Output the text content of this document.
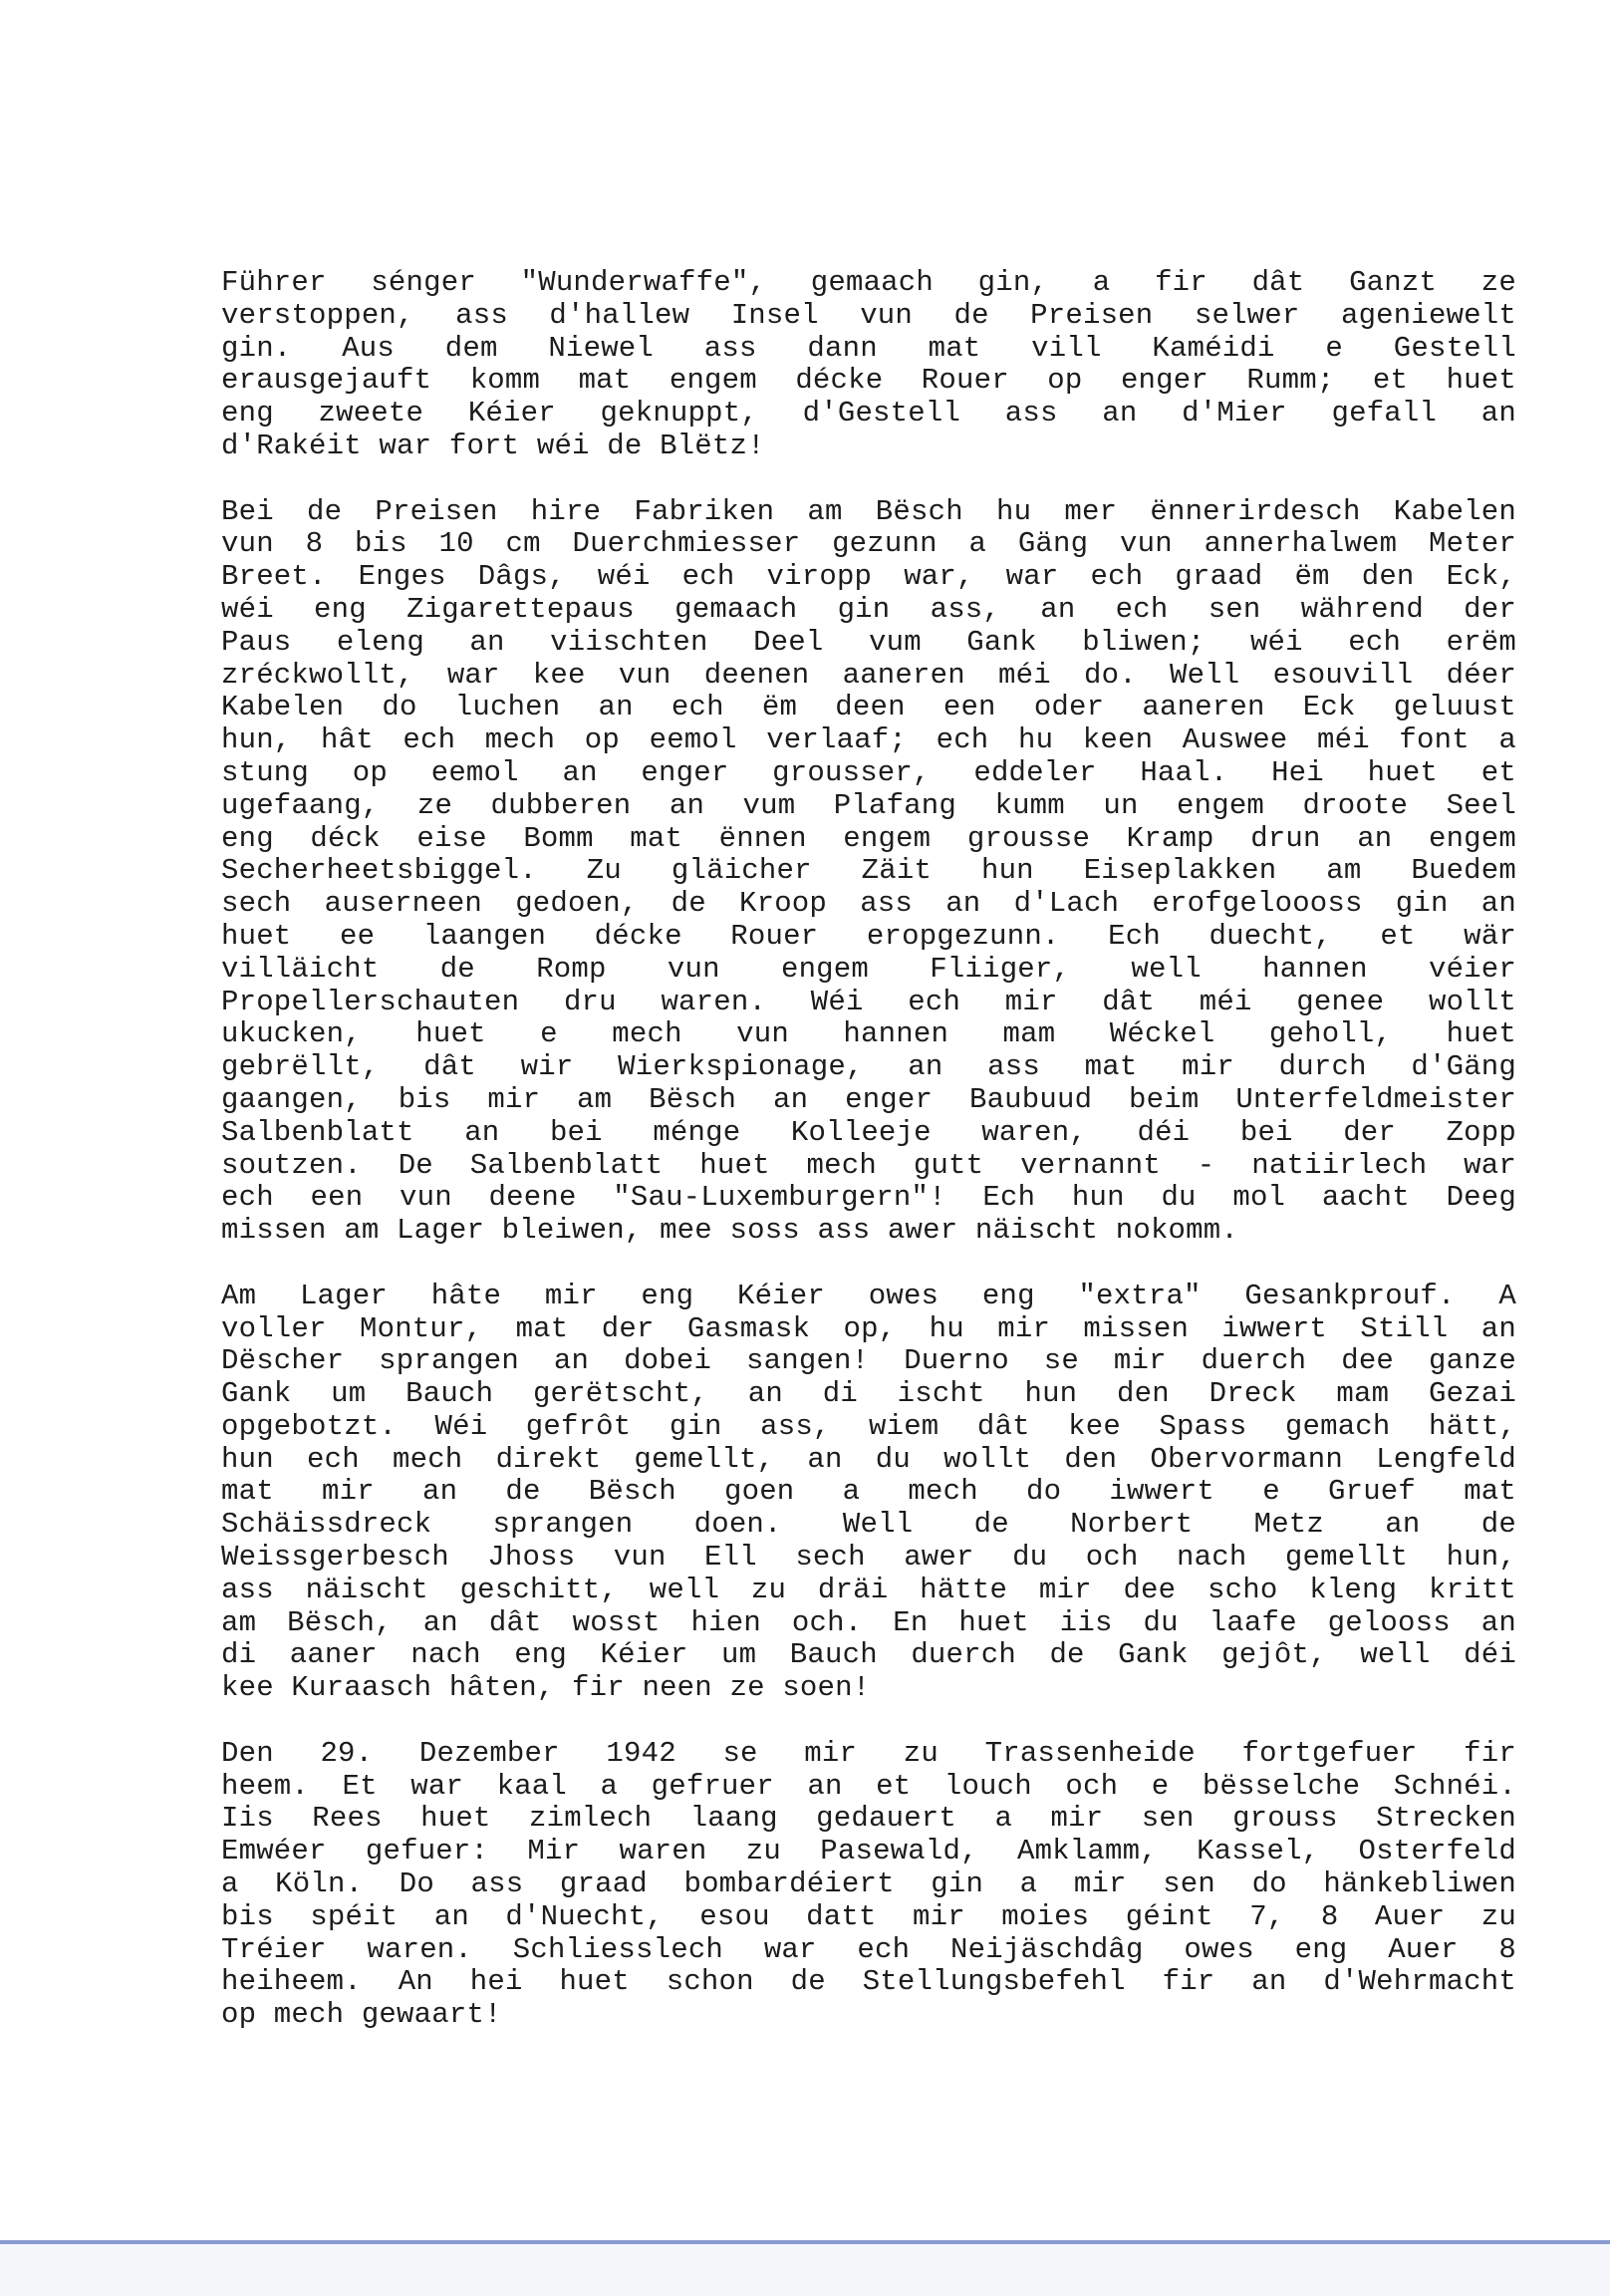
Führer sénger "Wunderwaffe", gemaach gin, a fir dât Ganzt ze
verstoppen, ass d'hallew Insel vun de Preisen selwer ageniewelt
gin. Aus dem Niewel ass dann mat vill Kaméidi e Gestell
erausgejauft komm mat engem décke Rouer op enger Rumm; et huet
eng zweete Kéier geknuppt, d'Gestell ass an d'Mier gefall an
d'Rakéit war fort wéi de Blëtz!
Bei de Preisen hire Fabriken am Bësch hu mer ënnerirdesch Kabelen
vun 8 bis 10 cm Duerchmiesser gezunn a Gäng vun annerhalwem Meter
Breet. Enges Dâgs, wéi ech viropp war, war ech graad ëm den Eck,
wéi eng Zigarettepaus gemaach gin ass, an ech sen während der
Paus eleng an viischten Deel vum Gank bliwen; wéi ech erëm
zréckwollt, war kee vun deenen aaneren méi do. Well esouvill déer
Kabelen do luchen an ech ëm deen een oder aaneren Eck geluust
hun, hât ech mech op eemol verlaaf; ech hu keen Auswee méi font a
stung op eemol an enger grousser, eddeler Haal. Hei huet et
ugefaang, ze dubberen an vum Plafang kumm un engem droote Seel
eng déck eise Bomm mat ënnen engem grousse Kramp drun an engem
Secherheetsbiggel. Zu gläicher Zäit hun Eiseplakken am Buedem
sech auserneen gedoen, de Kroop ass an d'Lach erofgeloooss gin an
huet ee laangen décke Rouer eropgezunn. Ech duecht, et wär
villäicht de Romp vun engem Fliiger, well hannen véier
Propellerschauten dru waren. Wéi ech mir dât méi genee wollt
ukucken, huet e mech vun hannen mam Wéckel geholl, huet
gebrëllt, dât wir Wierkspionage, an ass mat mir durch d'Gäng
gaangen, bis mir am Bësch an enger Baubuud beim Unterfeldmeister
Salbenblatt an bei ménge Kolleeje waren, déi bei der Zopp
soutzen. De Salbenblatt huet mech gutt vernannt - natiirlech war
ech een vun deene "Sau-Luxemburgern"! Ech hun du mol aacht Deeg
missen am Lager bleiwen, mee soss ass awer näischt nokomm.
Am Lager hâte mir eng Kéier owes eng "extra" Gesankprouf. A
voller Montur, mat der Gasmask op, hu mir missen iwwert Still an
Dëscher sprangen an dobei sangen! Duerno se mir duerch dee ganze
Gank um Bauch gerëtscht, an di ischt hun den Dreck mam Gezai
opgebotzt. Wéi gefrôt gin ass, wiem dât kee Spass gemach hätt,
hun ech mech direkt gemellt, an du wollt den Obervormann Lengfeld
mat mir an de Bësch goen a mech do iwwert e Gruef mat
Schäissdreck sprangen doen. Well de Norbert Metz an de
Weissgerbesch Jhoss vun Ell sech awer du och nach gemellt hun,
ass näischt geschitt, well zu dräi hätte mir dee scho kleng kritt
am Bësch, an dât wosst hien och. En huet iis du laafe gelooss an
di aaner nach eng Kéier um Bauch duerch de Gank gejôt, well déi
kee Kuraasch hâten, fir neen ze soen!
Den 29. Dezember 1942 se mir zu Trassenheide fortgefuer fir
heem. Et war kaal a gefruer an et louch och e bësselche Schnéi.
Iis Rees huet zimlech laang gedauert a mir sen grouss Strecken
Emwéer gefuer: Mir waren zu Pasewald, Amklamm, Kassel, Osterfeld
a Köln. Do ass graad bombardéiert gin a mir sen do hänkebliwen
bis spéit an d'Nuecht, esou datt mir moies géint 7, 8 Auer zu
Tréier waren. Schliesslech war ech Neijäschdâg owes eng Auer 8
heiheem. An hei huet schon de Stellungsbefehl fir an d'Wehrmacht
op mech gewaart!
